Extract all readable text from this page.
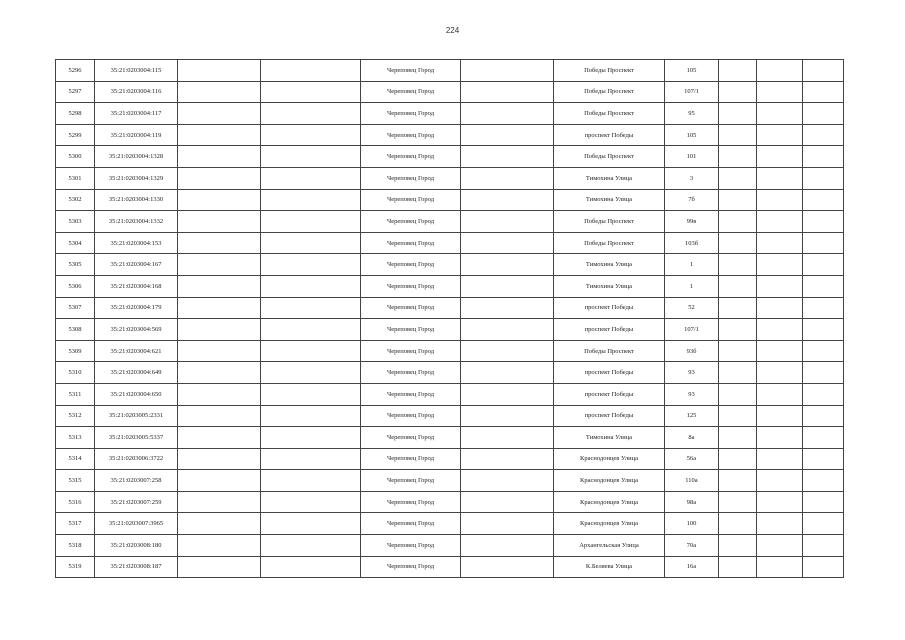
224
5296	35:21:0203004:115			Череповец Город		Победы Проспект	105			
5297	35:21:0203004:116			Череповец Город		Победы Проспект	107/1			
5298	35:21:0203004:117			Череповец Город		Победы Проспект	95			
5299	35:21:0203004:119			Череповец Город		проспект Победы	105			
5300	35:21:0203004:1328			Череповец Город		Победы Проспект	101			
5301	35:21:0203004:1329			Череповец Город		Тимохина Улица	3			
5302	35:21:0203004:1330			Череповец Город		Тимохина Улица	7б			
5303	35:21:0203004:1332			Череповец Город		Победы Проспект	99в			
5304	35:21:0203004:153			Череповец Город		Победы Проспект	103б			
5305	35:21:0203004:167			Череповец Город		Тимохина Улица	1			
5306	35:21:0203004:168			Череповец Город		Тимохина Улица	1			
5307	35:21:0203004:179			Череповец Город		проспект Победы	52			
5308	35:21:0203004:569			Череповец Город		проспект Победы	107/1			
5309	35:21:0203004:621			Череповец Город		Победы Проспект	93б			
5310	35:21:0203004:649			Череповец Город		проспект Победы	93			
5311	35:21:0203004:650			Череповец Город		проспект Победы	93			
5312	35:21:0203005:2331			Череповец Город		проспект Победы	125			
5313	35:21:0203005:5337			Череповец Город		Тимохина Улица	8а			
5314	35:21:0203006:3722			Череповец Город		Краснодонцев Улица	56а			
5315	35:21:0203007:258			Череповец Город		Краснодонцев Улица	110а			
5316	35:21:0203007:259			Череповец Город		Краснодонцев Улица	98а			
5317	35:21:0203007:3965			Череповец Город		Краснодонцев Улица	100			
5318	35:21:0203008:180			Череповец Город		Архангельская Улица	70а			
5319	35:21:0203008:187			Череповец Город		К.Беляева Улица	16а			
